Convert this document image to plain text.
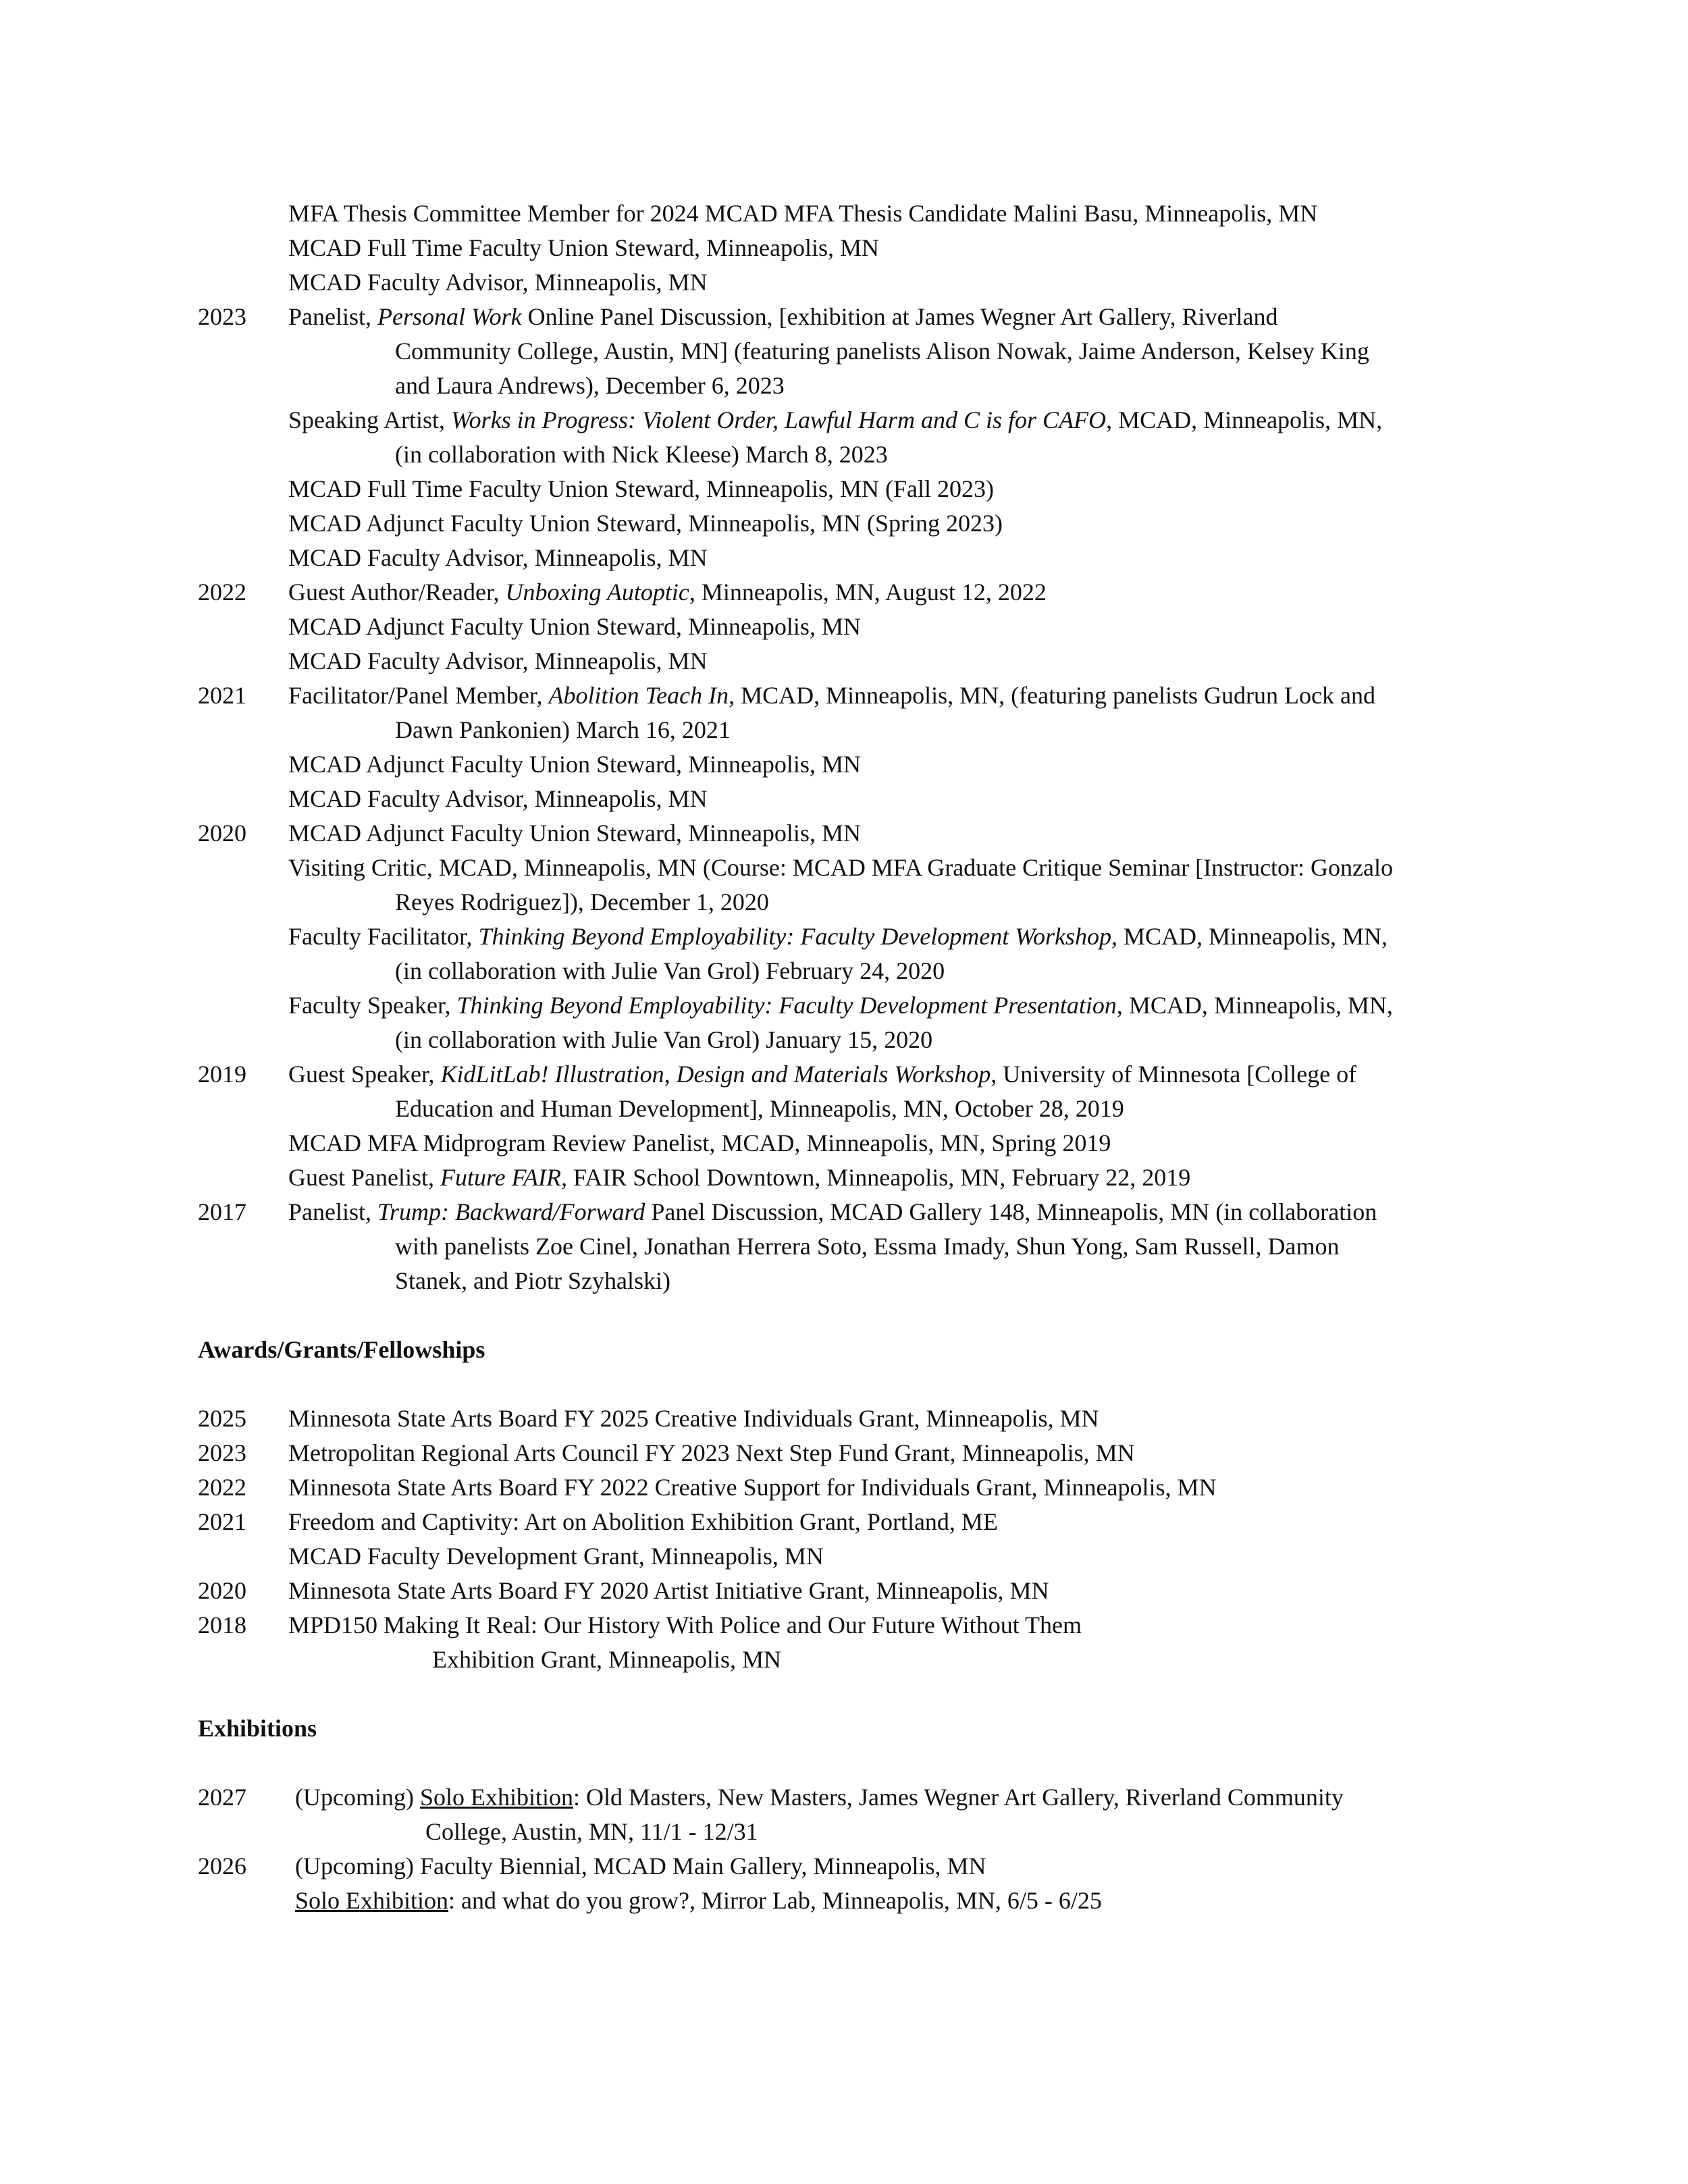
MFA Thesis Committee Member for 2024 MCAD MFA Thesis Candidate Malini Basu, Minneapolis, MN
MCAD Full Time Faculty Union Steward, Minneapolis, MN
MCAD Faculty Advisor, Minneapolis, MN
2023 Panelist, Personal Work Online Panel Discussion, [exhibition at James Wegner Art Gallery, Riverland
Community College, Austin, MN] (featuring panelists Alison Nowak, Jaime Anderson, Kelsey King
and Laura Andrews), December 6, 2023
Speaking Artist, Works in Progress: Violent Order, Lawful Harm and C is for CAFO, MCAD, Minneapolis, MN,
(in collaboration with Nick Kleese) March 8, 2023
MCAD Full Time Faculty Union Steward, Minneapolis, MN (Fall 2023)
MCAD Adjunct Faculty Union Steward, Minneapolis, MN (Spring 2023)
MCAD Faculty Advisor, Minneapolis, MN
2022 Guest Author/Reader, Unboxing Autoptic, Minneapolis, MN, August 12, 2022
MCAD Adjunct Faculty Union Steward, Minneapolis, MN
MCAD Faculty Advisor, Minneapolis, MN
2021 Facilitator/Panel Member, Abolition Teach In, MCAD, Minneapolis, MN, (featuring panelists Gudrun Lock and
Dawn Pankonien) March 16, 2021
MCAD Adjunct Faculty Union Steward, Minneapolis, MN
MCAD Faculty Advisor, Minneapolis, MN
2020 MCAD Adjunct Faculty Union Steward, Minneapolis, MN
Visiting Critic, MCAD, Minneapolis, MN (Course: MCAD MFA Graduate Critique Seminar [Instructor: Gonzalo
Reyes Rodriguez]), December 1, 2020
Faculty Facilitator, Thinking Beyond Employability: Faculty Development Workshop, MCAD, Minneapolis, MN,
(in collaboration with Julie Van Grol) February 24, 2020
Faculty Speaker, Thinking Beyond Employability: Faculty Development Presentation, MCAD, Minneapolis, MN,
(in collaboration with Julie Van Grol) January 15, 2020
2019 Guest Speaker, KidLitLab! Illustration, Design and Materials Workshop, University of Minnesota [College of
Education and Human Development], Minneapolis, MN, October 28, 2019
MCAD MFA Midprogram Review Panelist, MCAD, Minneapolis, MN, Spring 2019
Guest Panelist, Future FAIR, FAIR School Downtown, Minneapolis, MN, February 22, 2019
2017 Panelist, Trump: Backward/Forward Panel Discussion, MCAD Gallery 148, Minneapolis, MN (in collaboration
with panelists Zoe Cinel, Jonathan Herrera Soto, Essma Imady, Shun Yong, Sam Russell, Damon
Stanek, and Piotr Szyhalski)
Awards/Grants/Fellowships
2025 Minnesota State Arts Board FY 2025 Creative Individuals Grant, Minneapolis, MN
2023 Metropolitan Regional Arts Council FY 2023 Next Step Fund Grant, Minneapolis, MN
2022 Minnesota State Arts Board FY 2022 Creative Support for Individuals Grant, Minneapolis, MN
2021 Freedom and Captivity: Art on Abolition Exhibition Grant, Portland, ME
MCAD Faculty Development Grant, Minneapolis, MN
2020 Minnesota State Arts Board FY 2020 Artist Initiative Grant, Minneapolis, MN
2018 MPD150 Making It Real: Our History With Police and Our Future Without Them
Exhibition Grant, Minneapolis, MN
Exhibitions
2027 (Upcoming) Solo Exhibition: Old Masters, New Masters, James Wegner Art Gallery, Riverland Community
College, Austin, MN, 11/1 - 12/31
2026 (Upcoming) Faculty Biennial, MCAD Main Gallery, Minneapolis, MN
Solo Exhibition: and what do you grow?, Mirror Lab, Minneapolis, MN, 6/5 - 6/25
